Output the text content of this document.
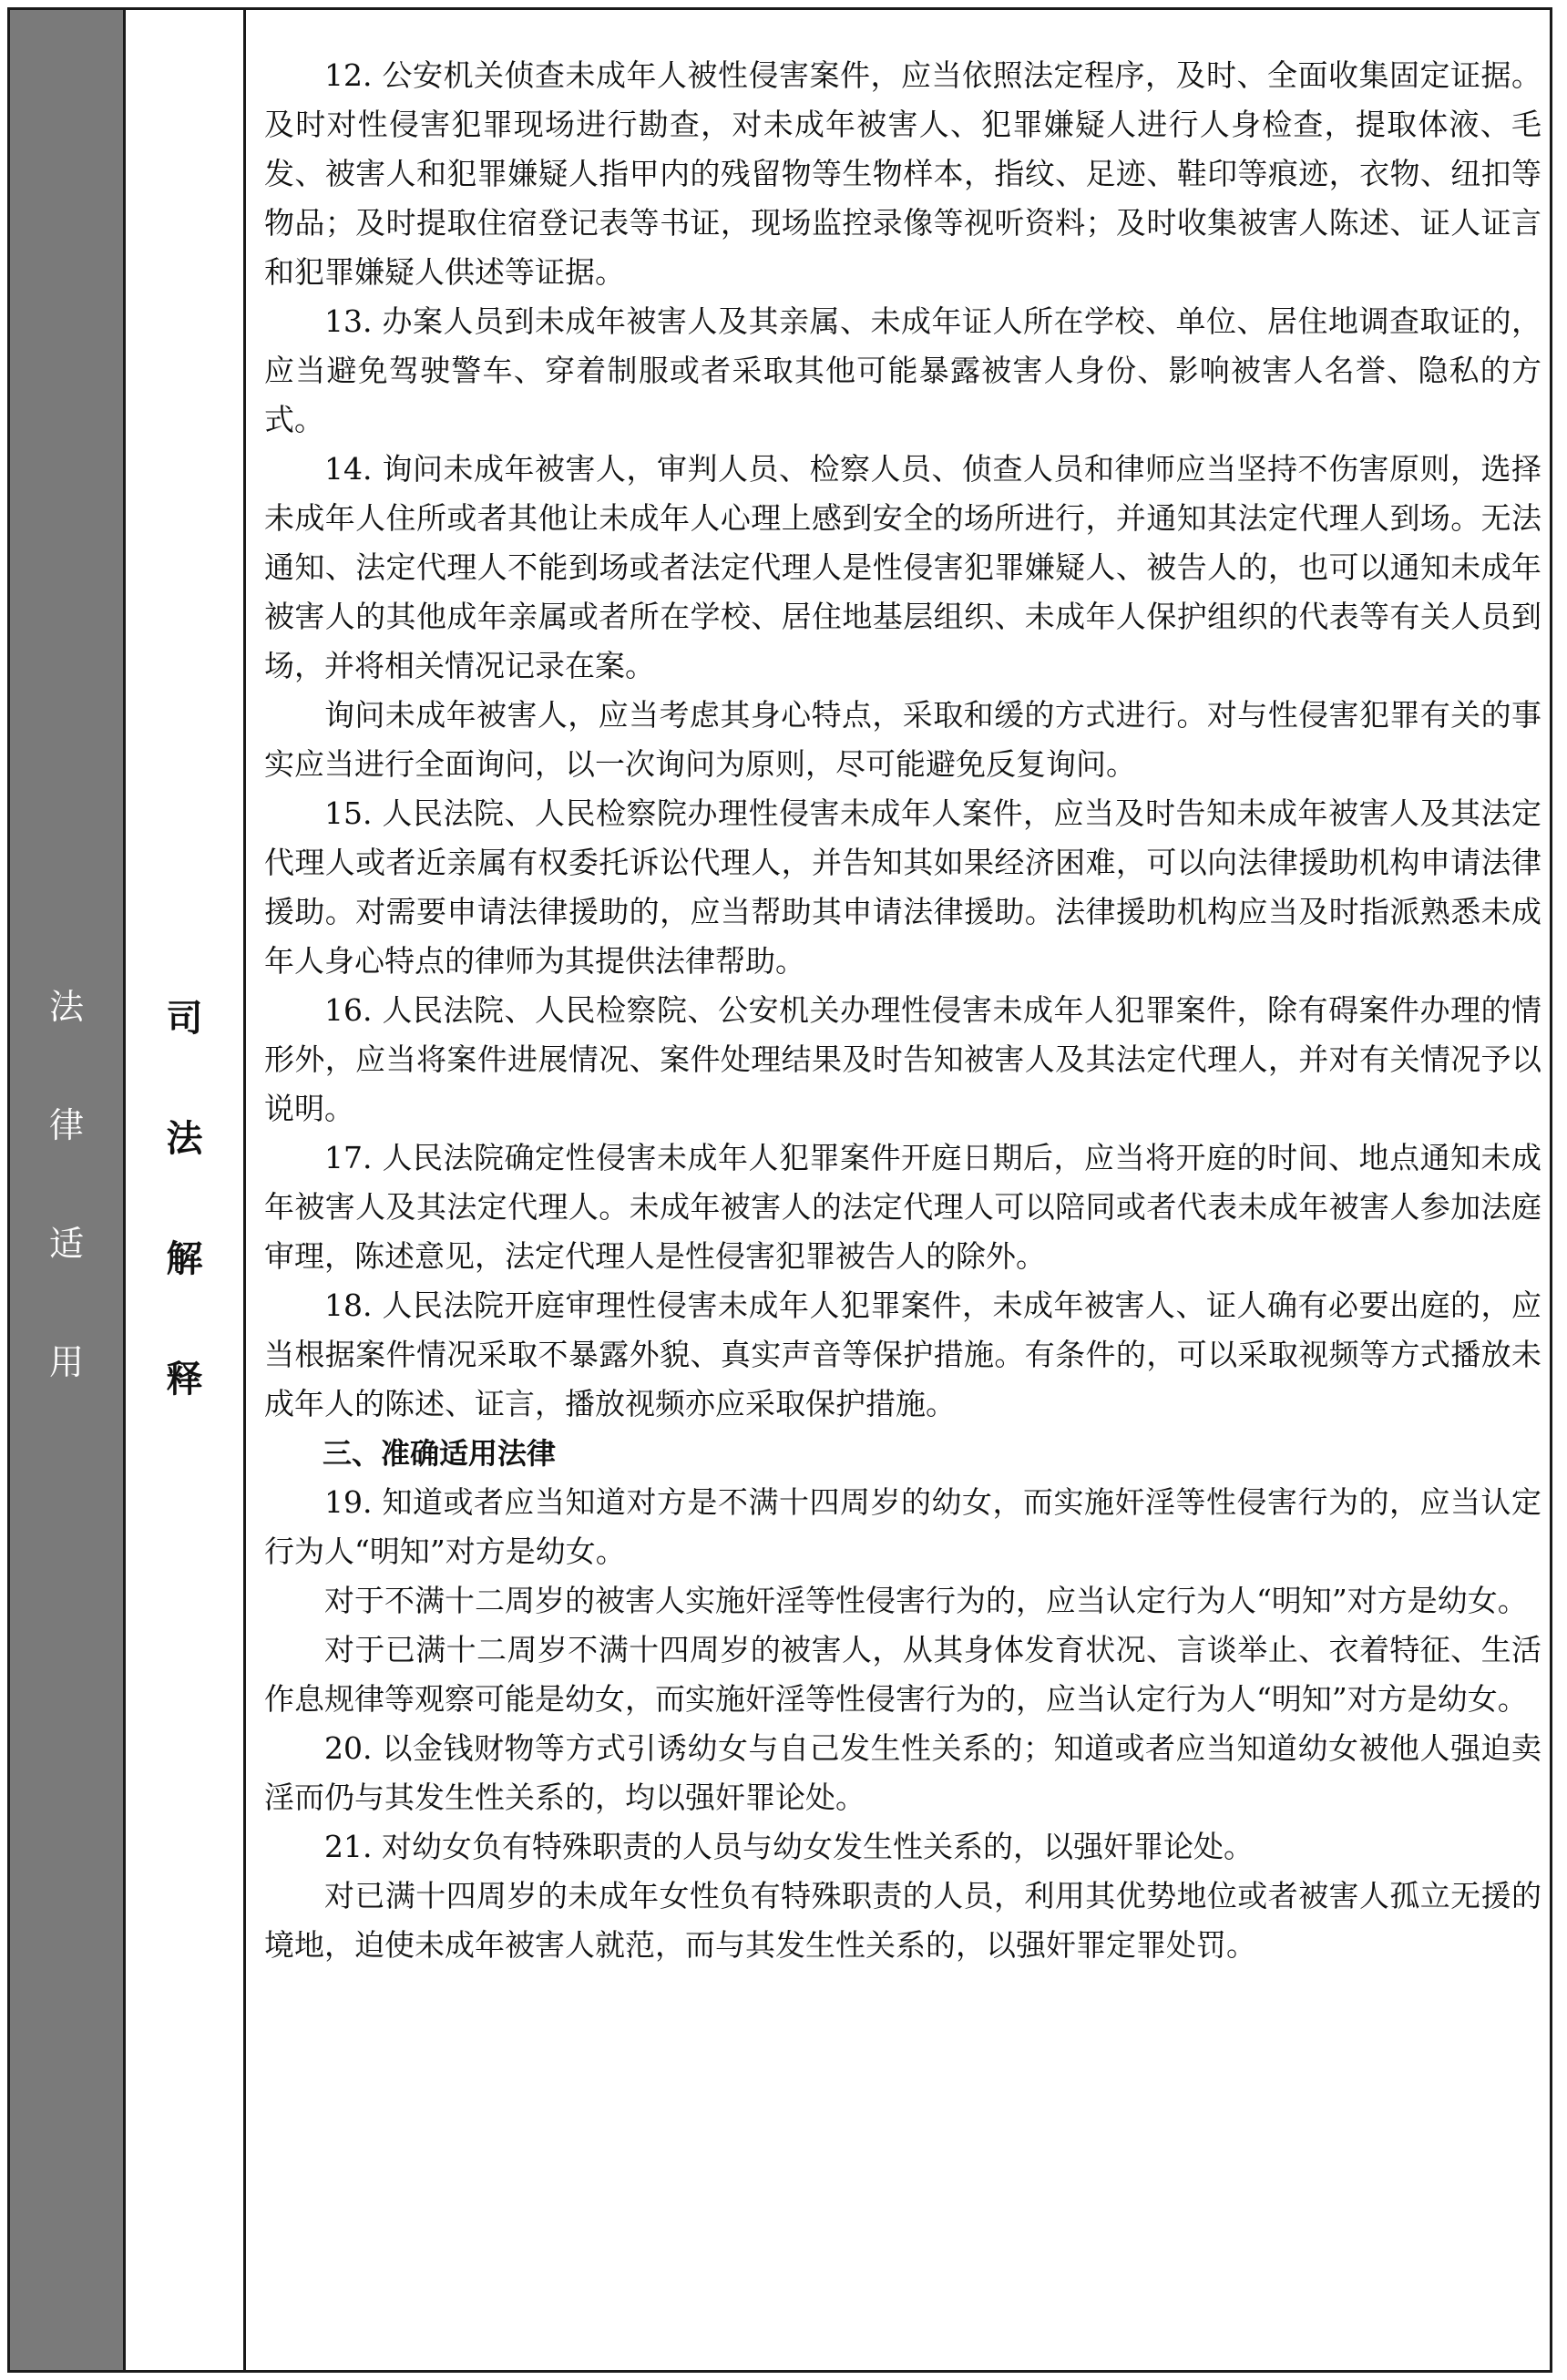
法
律
适
用
司
法
解
释

12. 公安机关侦查未成年人被性侵害案件，应当依照法定程序，及时、全面收集固定证据。及时对性侵害犯罪现场进行勘查，对未成年被害人、犯罪嫌疑人进行人身检查，提取体液、毛发、被害人和犯罪嫌疑人指甲内的残留物等生物样本，指纹、足迹、鞋印等痕迹，衣物、纽扣等物品；及时提取住宿登记表等书证，现场监控录像等视听资料；及时收集被害人陈述、证人证言和犯罪嫌疑人供述等证据。

13. 办案人员到未成年被害人及其亲属、未成年证人所在学校、单位、居住地调查取证的，应当避免驾驶警车、穿着制服或者采取其他可能暴露被害人身份、影响被害人名誉、隐私的方式。

14. 询问未成年被害人，审判人员、检察人员、侦查人员和律师应当坚持不伤害原则，选择未成年人住所或者其他让未成年人心理上感到安全的场所进行，并通知其法定代理人到场。无法通知、法定代理人不能到场或者法定代理人是性侵害犯罪嫌疑人、被告人的，也可以通知未成年被害人的其他成年亲属或者所在学校、居住地基层组织、未成年人保护组织的代表等有关人员到场，并将相关情况记录在案。

询问未成年被害人，应当考虑其身心特点，采取和缓的方式进行。对与性侵害犯罪有关的事实应当进行全面询问，以一次询问为原则，尽可能避免反复询问。

15. 人民法院、人民检察院办理性侵害未成年人案件，应当及时告知未成年被害人及其法定代理人或者近亲属有权委托诉讼代理人，并告知其如果经济困难，可以向法律援助机构申请法律援助。对需要申请法律援助的，应当帮助其申请法律援助。法律援助机构应当及时指派熟悉未成年人身心特点的律师为其提供法律帮助。

16. 人民法院、人民检察院、公安机关办理性侵害未成年人犯罪案件，除有碍案件办理的情形外，应当将案件进展情况、案件处理结果及时告知被害人及其法定代理人，并对有关情况予以说明。

17. 人民法院确定性侵害未成年人犯罪案件开庭日期后，应当将开庭的时间、地点通知未成年被害人及其法定代理人。未成年被害人的法定代理人可以陪同或者代表未成年被害人参加法庭审理，陈述意见，法定代理人是性侵害犯罪被告人的除外。

18. 人民法院开庭审理性侵害未成年人犯罪案件，未成年被害人、证人确有必要出庭的，应当根据案件情况采取不暴露外貌、真实声音等保护措施。有条件的，可以采取视频等方式播放未成年人的陈述、证言，播放视频亦应采取保护措施。

三、准确适用法律

19. 知道或者应当知道对方是不满十四周岁的幼女，而实施奸淫等性侵害行为的，应当认定行为人“明知”对方是幼女。

对于不满十二周岁的被害人实施奸淫等性侵害行为的，应当认定行为人“明知”对方是幼女。

对于已满十二周岁不满十四周岁的被害人，从其身体发育状况、言谈举止、衣着特征、生活作息规律等观察可能是幼女，而实施奸淫等性侵害行为的，应当认定行为人“明知”对方是幼女。

20. 以金钱财物等方式引诱幼女与自己发生性关系的；知道或者应当知道幼女被他人强迫卖淫而仍与其发生性关系的，均以强奸罪论处。

21. 对幼女负有特殊职责的人员与幼女发生性关系的，以强奸罪论处。

对已满十四周岁的未成年女性负有特殊职责的人员，利用其优势地位或者被害人孤立无援的境地，迫使未成年被害人就范，而与其发生性关系的，以强奸罪定罪处罚。
